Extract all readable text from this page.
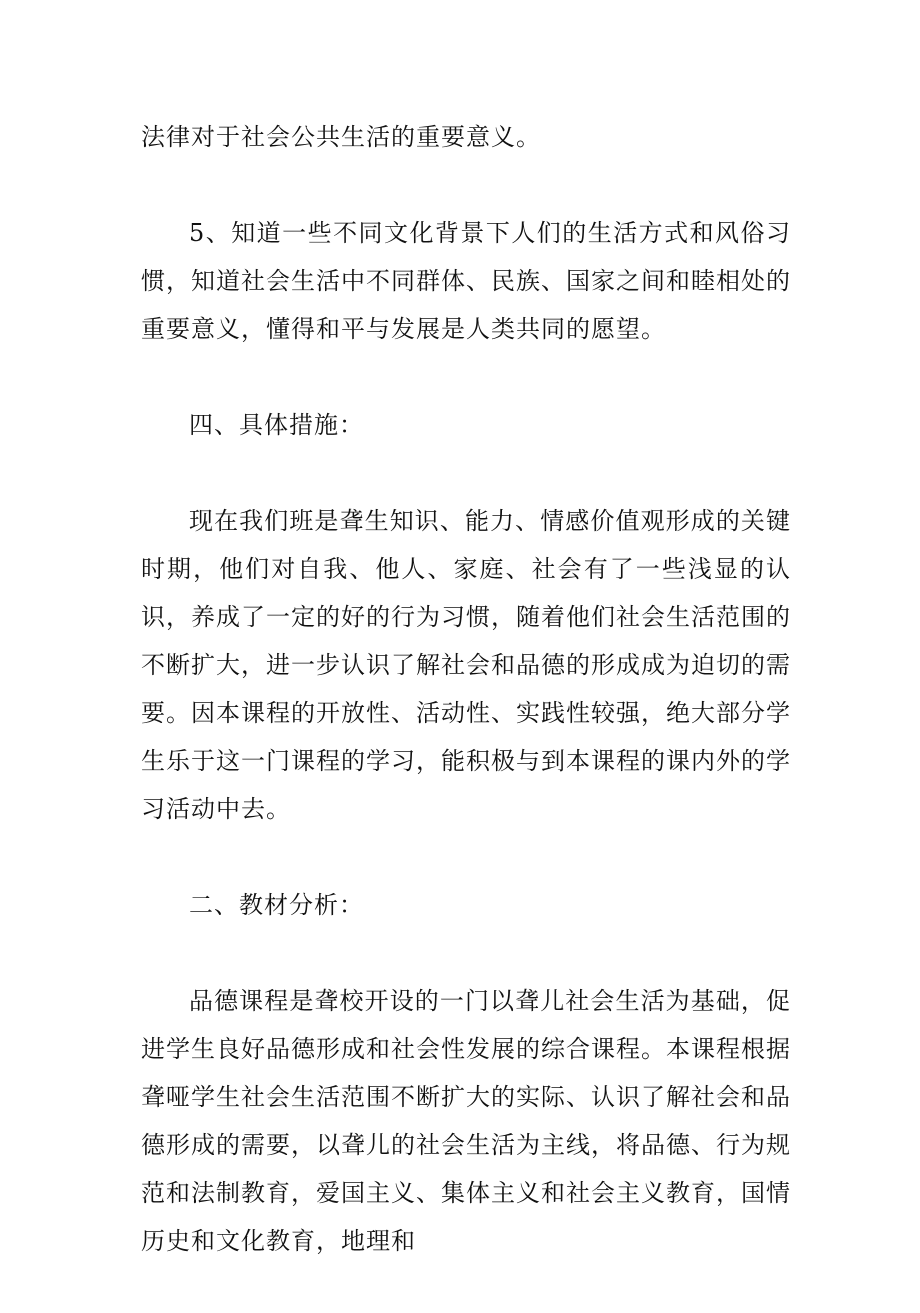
法律对于社会公共生活的重要意义。

5、知道一些不同文化背景下人们的生活方式和风俗习惯，知道社会生活中不同群体、民族、国家之间和睦相处的重要意义，懂得和平与发展是人类共同的愿望。

四、具体措施：

现在我们班是聋生知识、能力、情感价值观形成的关键时期，他们对自我、他人、家庭、社会有了一些浅显的认识，养成了一定的好的行为习惯，随着他们社会生活范围的不断扩大，进一步认识了解社会和品德的形成成为迫切的需要。因本课程的开放性、活动性、实践性较强，绝大部分学生乐于这一门课程的学习，能积极与到本课程的课内外的学习活动中去。

二、教材分析：

品德课程是聋校开设的一门以聋儿社会生活为基础，促进学生良好品德形成和社会性发展的综合课程。本课程根据聋哑学生社会生活范围不断扩大的实际、认识了解社会和品德形成的需要，以聋儿的社会生活为主线，将品德、行为规范和法制教育，爱国主义、集体主义和社会主义教育，国情历史和文化教育，地理和
